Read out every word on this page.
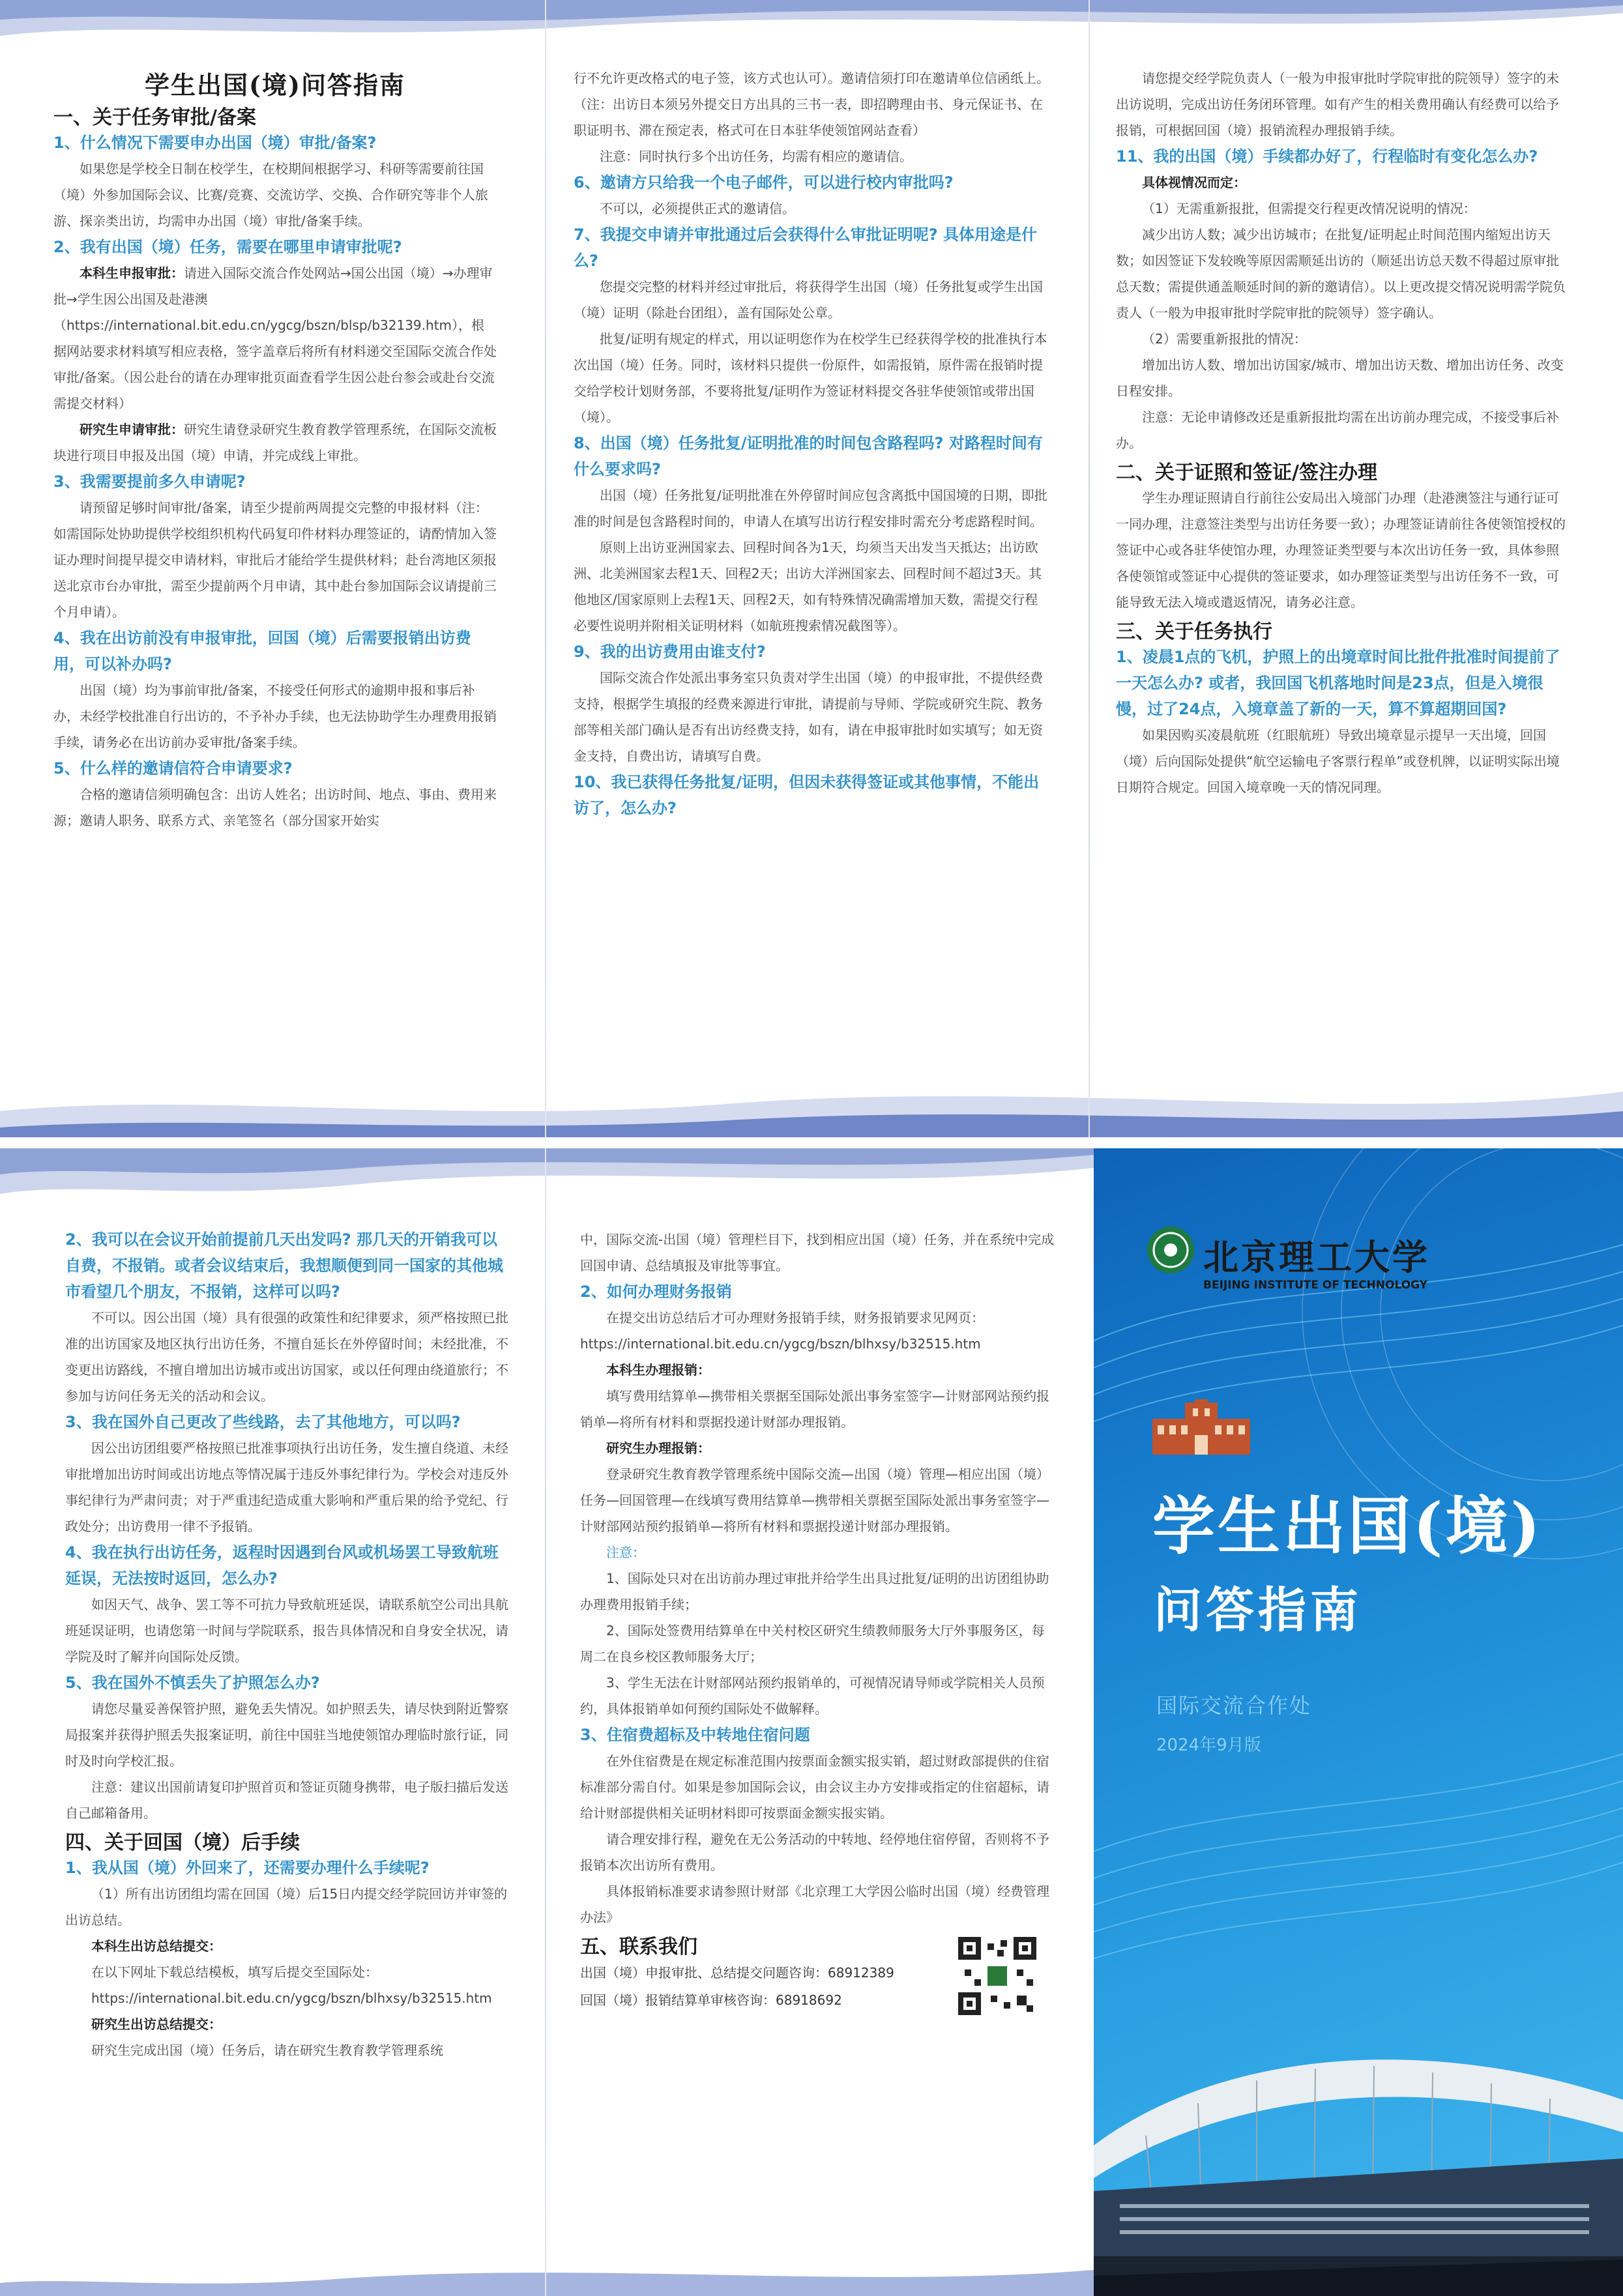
学生出国(境)问答指南

一、关于任务审批/备案

1、什么情况下需要申办出国（境）审批/备案?

如果您是学校全日制在校学生，在校期间根据学习、科研等需要前往国（境）外参加国际会议、比赛/竞赛、交流访学、交换、合作研究等非个人旅游、探亲类出访，均需申办出国（境）审批/备案手续。

2、我有出国（境）任务，需要在哪里申请审批呢?

本科生申报审批：请进入国际交流合作处网站→国公出国（境）→办理审批→学生因公出国及赴港澳（https://international.bit.edu.cn/ygcg/bszn/blsp/b32139.htm），根据网站要求材料填写相应表格，签字盖章后将所有材料递交至国际交流合作处审批/备案。（因公赴台的请在办理审批页面查看学生因公赴台参会或赴台交流需提交材料）

研究生申请审批：研究生请登录研究生教育教学管理系统，在国际交流板块进行项目申报及出国（境）申请，并完成线上审批。

3、我需要提前多久申请呢?

请预留足够时间审批/备案，请至少提前两周提交完整的申报材料（注：如需国际处协助提供学校组织机构代码复印件材料办理签证的，请酌情加入签证办理时间提早提交申请材料，审批后才能给学生提供材料；赴台湾地区须报送北京市台办审批，需至少提前两个月申请，其中赴台参加国际会议请提前三个月申请）。

4、我在出访前没有申报审批，回国（境）后需要报销出访费用，可以补办吗?

出国（境）均为事前审批/备案，不接受任何形式的逾期申报和事后补办，未经学校批准自行出访的，不予补办手续，也无法协助学生办理费用报销手续，请务必在出访前办妥审批/备案手续。

5、什么样的邀请信符合申请要求?

合格的邀请信须明确包含：出访人姓名；出访时间、地点、事由、费用来源；邀请人职务、联系方式、亲笔签名（部分国家开始实

行不允许更改格式的电子签，该方式也认可）。邀请信须打印在邀请单位信函纸上。（注：出访日本须另外提交日方出具的三书一表，即招聘理由书、身元保证书、在职证明书、滞在预定表，格式可在日本驻华使领馆网站查看）

注意：同时执行多个出访任务，均需有相应的邀请信。

6、邀请方只给我一个电子邮件，可以进行校内审批吗?

不可以，必须提供正式的邀请信。

7、我提交申请并审批通过后会获得什么审批证明呢? 具体用途是什么?

您提交完整的材料并经过审批后，将获得学生出国（境）任务批复或学生出国（境）证明（除赴台团组），盖有国际处公章。

批复/证明有规定的样式，用以证明您作为在校学生已经获得学校的批准执行本次出国（境）任务。同时，该材料只提供一份原件，如需报销，原件需在报销时提交给学校计划财务部，不要将批复/证明作为签证材料提交各驻华使领馆或带出国（境）。

8、出国（境）任务批复/证明批准的时间包含路程吗? 对路程时间有什么要求吗?

出国（境）任务批复/证明批准在外停留时间应包含离抵中国国境的日期，即批准的时间是包含路程时间的，申请人在填写出访行程安排时需充分考虑路程时间。

原则上出访亚洲国家去、回程时间各为1天，均须当天出发当天抵达；出访欧洲、北美洲国家去程1天、回程2天；出访大洋洲国家去、回程时间不超过3天。其他地区/国家原则上去程1天、回程2天，如有特殊情况确需增加天数，需提交行程必要性说明并附相关证明材料（如航班搜索情况截图等）。

9、我的出访费用由谁支付?

国际交流合作处派出事务室只负责对学生出国（境）的申报审批，不提供经费支持，根据学生填报的经费来源进行审批，请提前与导师、学院或研究生院、教务部等相关部门确认是否有出访经费支持，如有，请在申报审批时如实填写；如无资金支持，自费出访，请填写自费。

10、我已获得任务批复/证明，但因未获得签证或其他事情，不能出访了，怎么办?

请您提交经学院负责人（一般为申报审批时学院审批的院领导）签字的未出访说明，完成出访任务闭环管理。如有产生的相关费用确认有经费可以给予报销，可根据回国（境）报销流程办理报销手续。

11、我的出国（境）手续都办好了，行程临时有变化怎么办?

具体视情况而定：

（1）无需重新报批，但需提交行程更改情况说明的情况：

减少出访人数；减少出访城市；在批复/证明起止时间范围内缩短出访天数；如因签证下发较晚等原因需顺延出访的（顺延出访总天数不得超过原审批总天数；需提供通盖顺延时间的新的邀请信）。以上更改提交情况说明需学院负责人（一般为申报审批时学院审批的院领导）签字确认。

（2）需要重新报批的情况：

增加出访人数、增加出访国家/城市、增加出访天数、增加出访任务、改变日程安排。

注意：无论申请修改还是重新报批均需在出访前办理完成，不接受事后补办。

二、关于证照和签证/签注办理

学生办理证照请自行前往公安局出入境部门办理（赴港澳签注与通行证可一同办理，注意签注类型与出访任务要一致）；办理签证请前往各使领馆授权的签证中心或各驻华使馆办理，办理签证类型要与本次出访任务一致，具体参照各使领馆或签证中心提供的签证要求，如办理签证类型与出访任务不一致，可能导致无法入境或遣返情况，请务必注意。

三、关于任务执行

1、凌晨1点的飞机，护照上的出境章时间比批件批准时间提前了一天怎么办? 或者，我回国飞机落地时间是23点，但是入境很慢，过了24点，入境章盖了新的一天，算不算超期回国?

如果因购买凌晨航班（红眼航班）导致出境章显示提早一天出境，回国（境）后向国际处提供“航空运输电子客票行程单”或登机牌，以证明实际出境日期符合规定。回国入境章晚一天的情况同理。

2、我可以在会议开始前提前几天出发吗? 那几天的开销我可以自费，不报销。或者会议结束后，我想顺便到同一国家的其他城市看望几个朋友，不报销，这样可以吗?

不可以。因公出国（境）具有很强的政策性和纪律要求，须严格按照已批准的出访国家及地区执行出访任务，不擅自延长在外停留时间；未经批准，不变更出访路线，不擅自增加出访城市或出访国家，或以任何理由绕道旅行；不参加与访问任务无关的活动和会议。

3、我在国外自己更改了些线路，去了其他地方，可以吗?

因公出访团组要严格按照已批准事项执行出访任务，发生擅自绕道、未经审批增加出访时间或出访地点等情况属于违反外事纪律行为。学校会对违反外事纪律行为严肃问责；对于严重违纪造成重大影响和严重后果的给予党纪、行政处分；出访费用一律不予报销。

4、我在执行出访任务，返程时因遇到台风或机场罢工导致航班延误，无法按时返回，怎么办?

如因天气、战争、罢工等不可抗力导致航班延误，请联系航空公司出具航班延误证明，也请您第一时间与学院联系，报告具体情况和自身安全状况，请学院及时了解并向国际处反馈。

5、我在国外不慎丢失了护照怎么办?

请您尽量妥善保管护照，避免丢失情况。如护照丢失，请尽快到附近警察局报案并获得护照丢失报案证明，前往中国驻当地使领馆办理临时旅行证，同时及时向学校汇报。

注意：建议出国前请复印护照首页和签证页随身携带，电子版扫描后发送自己邮箱备用。

四、关于回国（境）后手续

1、我从国（境）外回来了，还需要办理什么手续呢?

（1）所有出访团组均需在回国（境）后15日内提交经学院回访并审签的出访总结。

本科生出访总结提交：

在以下网址下载总结模板，填写后提交至国际处：

https://international.bit.edu.cn/ygcg/bszn/blhxsy/b32515.htm

研究生出访总结提交：

研究生完成出国（境）任务后，请在研究生教育教学管理系统

中，国际交流-出国（境）管理栏目下，找到相应出国（境）任务，并在系统中完成回国申请、总结填报及审批等事宜。

2、如何办理财务报销

在提交出访总结后才可办理财务报销手续，财务报销要求见网页：

https://international.bit.edu.cn/ygcg/bszn/blhxsy/b32515.htm

本科生办理报销：

填写费用结算单—携带相关票据至国际处派出事务室签字—计财部网站预约报销单—将所有材料和票据投递计财部办理报销。

研究生办理报销：

登录研究生教育教学管理系统中国际交流—出国（境）管理—相应出国（境）任务—回国管理—在线填写费用结算单—携带相关票据至国际处派出事务室签字—计财部网站预约报销单—将所有材料和票据投递计财部办理报销。

注意：

1、国际处只对在出访前办理过审批并给学生出具过批复/证明的出访团组协助办理费用报销手续；

2、国际处签费用结算单在中关村校区研究生绩教师服务大厅外事服务区，每周二在良乡校区教师服务大厅；

3、学生无法在计财部网站预约报销单的，可视情况请导师或学院相关人员预约，具体报销单如何预约国际处不做解释。

3、住宿费超标及中转地住宿问题

在外住宿费是在规定标准范围内按票面金额实报实销，超过财政部提供的住宿标准部分需自付。如果是参加国际会议，由会议主办方安排或指定的住宿超标，请给计财部提供相关证明材料即可按票面金额实报实销。

请合理安排行程，避免在无公务活动的中转地、经停地住宿停留，否则将不予报销本次出访所有费用。

具体报销标准要求请参照计财部《北京理工大学因公临时出国（境）经费管理办法》

五、联系我们

出国（境）申报审批、总结提交问题咨询：68912389

回国（境）报销结算单审核咨询：68918692

北京理工大学
BEIJING INSTITUTE OF TECHNOLOGY
学生出国(境)
问答指南
国际交流合作处
2024年9月版
